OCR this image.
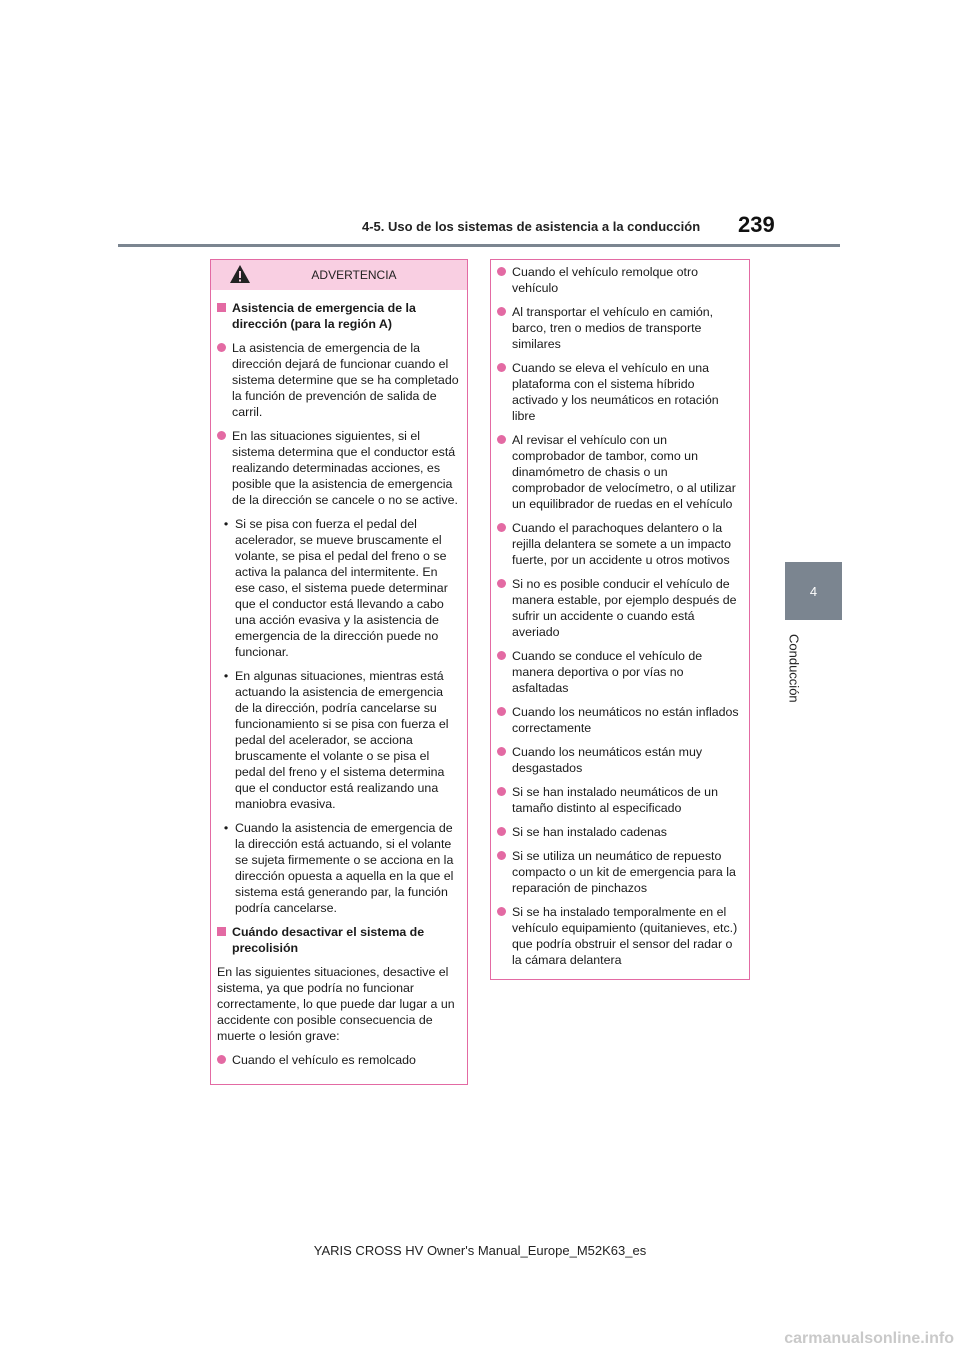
4-5. Uso de los sistemas de asistencia a la conducción 239
4
Conducción
ADVERTENCIA
Asistencia de emergencia de la dirección (para la región A)
La asistencia de emergencia de la dirección dejará de funcionar cuando el sistema determine que se ha completado la función de prevención de salida de carril.
En las situaciones siguientes, si el sistema determina que el conductor está realizando determinadas acciones, es posible que la asistencia de emergencia de la dirección se cancele o no se active.
• Si se pisa con fuerza el pedal del acelerador, se mueve bruscamente el volante, se pisa el pedal del freno o se activa la palanca del intermitente. En ese caso, el sistema puede determinar que el conductor está llevando a cabo una acción evasiva y la asistencia de emergencia de la dirección puede no funcionar.
• En algunas situaciones, mientras está actuando la asistencia de emergencia de la dirección, podría cancelarse su funcionamiento si se pisa con fuerza el pedal del acelerador, se acciona bruscamente el volante o se pisa el pedal del freno y el sistema determina que el conductor está realizando una maniobra evasiva.
• Cuando la asistencia de emergencia de la dirección está actuando, si el volante se sujeta firmemente o se acciona en la dirección opuesta a aquella en la que el sistema está generando par, la función podría cancelarse.
Cuándo desactivar el sistema de precolisión
En las siguientes situaciones, desactive el sistema, ya que podría no funcionar correctamente, lo que puede dar lugar a un accidente con posible consecuencia de muerte o lesión grave:
Cuando el vehículo es remolcado
Cuando el vehículo remolque otro vehículo
Al transportar el vehículo en camión, barco, tren o medios de transporte similares
Cuando se eleva el vehículo en una plataforma con el sistema híbrido activado y los neumáticos en rotación libre
Al revisar el vehículo con un comprobador de tambor, como un dinamómetro de chasis o un comprobador de velocímetro, o al utilizar un equilibrador de ruedas en el vehículo
Cuando el parachoques delantero o la rejilla delantera se somete a un impacto fuerte, por un accidente u otros motivos
Si no es posible conducir el vehículo de manera estable, por ejemplo después de sufrir un accidente o cuando está averiado
Cuando se conduce el vehículo de manera deportiva o por vías no asfaltadas
Cuando los neumáticos no están inflados correctamente
Cuando los neumáticos están muy desgastados
Si se han instalado neumáticos de un tamaño distinto al especificado
Si se han instalado cadenas
Si se utiliza un neumático de repuesto compacto o un kit de emergencia para la reparación de pinchazos
Si se ha instalado temporalmente en el vehículo equipamiento (quitanieves, etc.) que podría obstruir el sensor del radar o la cámara delantera
YARIS CROSS HV Owner's Manual_Europe_M52K63_es
carmanualsonline.info
